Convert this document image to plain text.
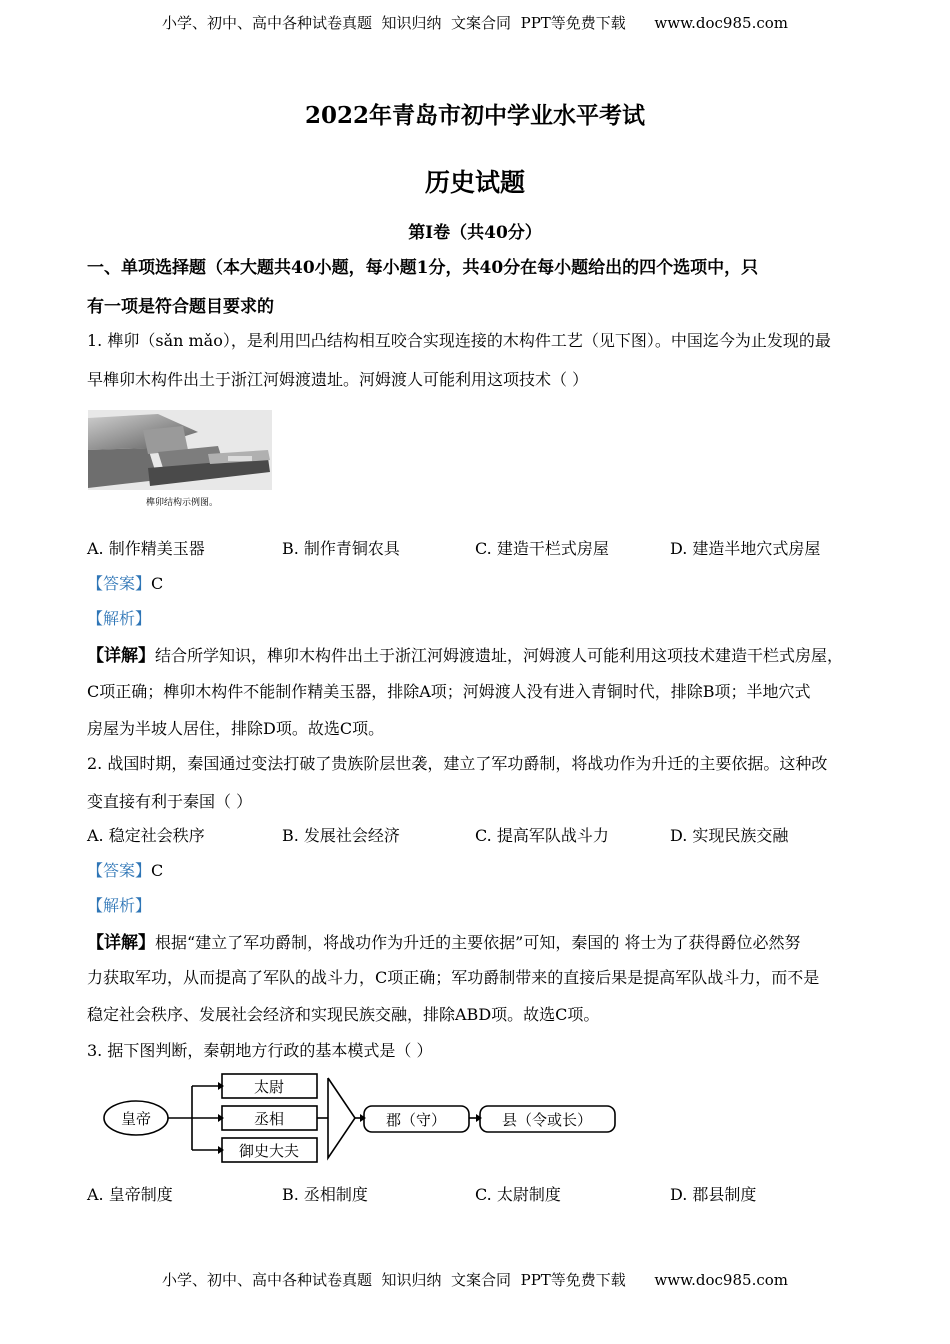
小学、初中、高中各种试卷真题  知识归纳  文案合同  PPT等免费下载      www.doc985.com
2022年青岛市初中学业水平考试
历史试题
第Ⅰ卷（共40分）
一、单项选择题（本大题共40小题，每小题1分，共40分在每小题给出的四个选项中，只
有一项是符合题目要求的
1. 榫卯（sǎn mǎo），是利用凹凸结构相互咬合实现连接的木构件工艺（见下图）。中国迄今为止发现的最
早榫卯木构件出土于浙江河姆渡遗址。河姆渡人可能利用这项技术（ ）
榫卯结构示例图。
A. 制作精美玉器	B. 制作青铜农具	C. 建造干栏式房屋	D. 建造半地穴式房屋
【答案】C
【解析】
【详解】结合所学知识，榫卯木构件出土于浙江河姆渡遗址，河姆渡人可能利用这项技术建造干栏式房屋，
C项正确；榫卯木构件不能制作精美玉器，排除A项；河姆渡人没有进入青铜时代，排除B项；半地穴式
房屋为半坡人居住，排除D项。故选C项。
2. 战国时期，秦国通过变法打破了贵族阶层世袭，建立了军功爵制，将战功作为升迁的主要依据。这种改
变直接有利于秦国（ ）
A. 稳定社会秩序	B. 发展社会经济	C. 提高军队战斗力	D. 实现民族交融
【答案】C
【解析】
【详解】根据“建立了军功爵制，将战功作为升迁的主要依据”可知，秦国的 将士为了获得爵位必然努
力获取军功，从而提高了军队的战斗力，C项正确；军功爵制带来的直接后果是提高军队战斗力，而不是
稳定社会秩序、发展社会经济和实现民族交融，排除ABD项。故选C项。
3. 据下图判断，秦朝地方行政的基本模式是（ ）
皇帝
太尉
丞相
御史大夫
郡（守）	县（令或长）
A. 皇帝制度	B. 丞相制度	C. 太尉制度	D. 郡县制度
小学、初中、高中各种试卷真题  知识归纳  文案合同  PPT等免费下载      www.doc985.com
